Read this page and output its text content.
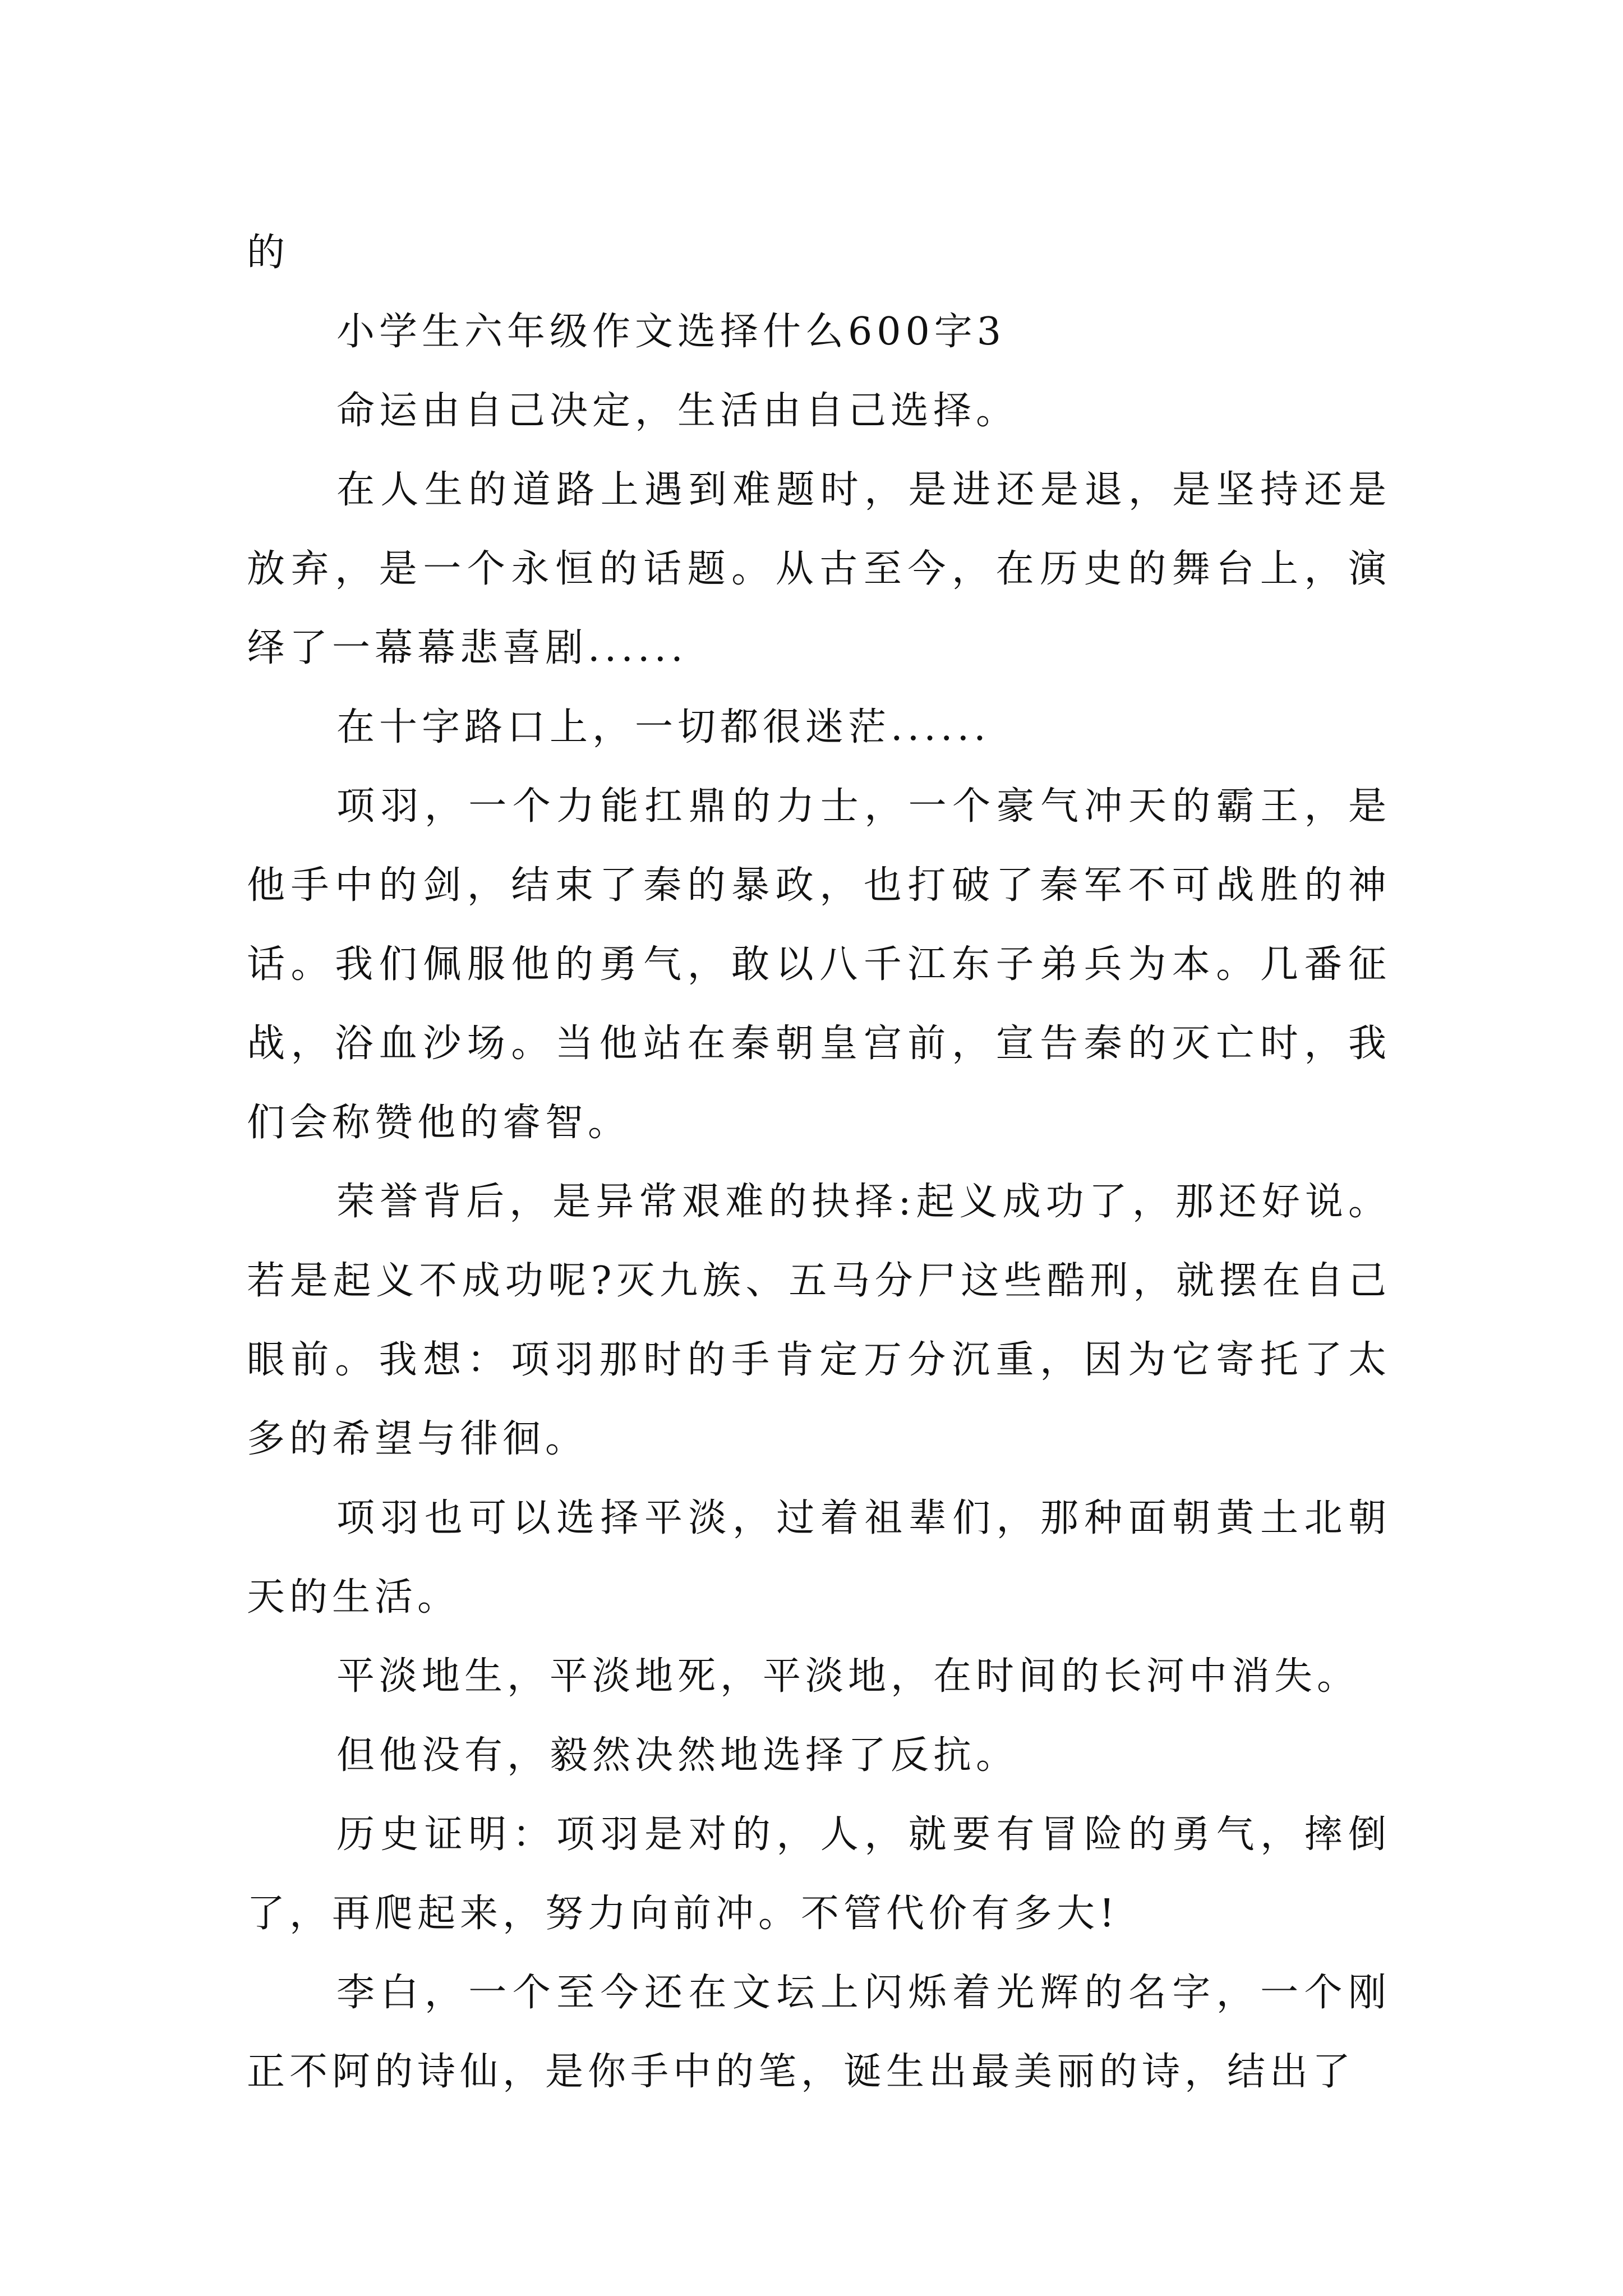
的

小学生六年级作文选择什么600字3

命运由自己决定，生活由自己选择。

在人生的道路上遇到难题时，是进还是退，是坚持还是放弃，是一个永恒的话题。从古至今，在历史的舞台上，演绎了一幕幕悲喜剧......

在十字路口上，一切都很迷茫......

项羽，一个力能扛鼎的力士，一个豪气冲天的霸王，是他手中的剑，结束了秦的暴政，也打破了秦军不可战胜的神话。我们佩服他的勇气，敢以八千江东子弟兵为本。几番征战，浴血沙场。当他站在秦朝皇宫前，宣告秦的灭亡时，我们会称赞他的睿智。

荣誉背后，是异常艰难的抉择:起义成功了，那还好说。若是起义不成功呢?灭九族、五马分尸这些酷刑，就摆在自己眼前。我想：项羽那时的手肯定万分沉重，因为它寄托了太多的希望与徘徊。

项羽也可以选择平淡，过着祖辈们，那种面朝黄土北朝天的生活。

平淡地生，平淡地死，平淡地，在时间的长河中消失。

但他没有，毅然决然地选择了反抗。

历史证明：项羽是对的，人，就要有冒险的勇气，摔倒了，再爬起来，努力向前冲。不管代价有多大!

李白，一个至今还在文坛上闪烁着光辉的名字，一个刚正不阿的诗仙，是你手中的笔，诞生出最美丽的诗，结出了
